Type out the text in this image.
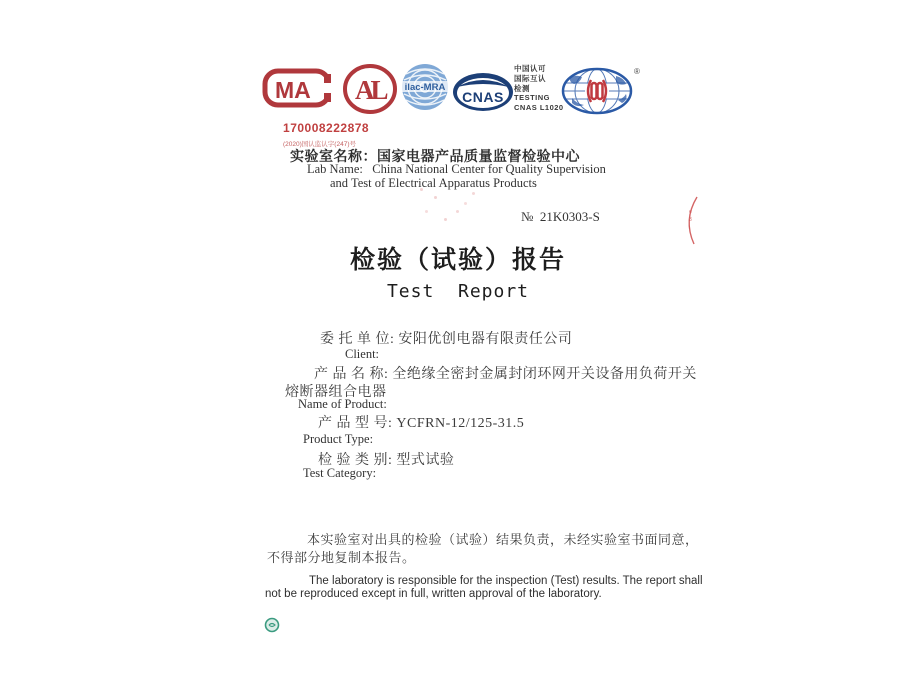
MA

170008222878
(2020)国认监认字(247)号

AL	ilac-MRA
CNAS
中国认可
国际互认
检测
TESTING
CNAS L1020
®
实验室名称：国家电器产品质量监督检验中心
Lab Name:   China National Center for Quality Supervision
and Test of Electrical Apparatus Products
№  21K0303-S	e
3
i
检验（试验）报告
Test  Report
委 托 单 位: 安阳优创电器有限责任公司
Client:
产 品 名 称: 全绝缘全密封金属封闭环网开关设备用负荷开关
熔断器组合电器
Name of Product:
产 品 型 号: YCFRN-12/125-31.5
Product Type:
检 验 类 别: 型式试验
Test Category:
本实验室对出具的检验（试验）结果负责，未经实验室书面同意，
不得部分地复制本报告。
The laboratory is responsible for the inspection (Test) results. The report shall
not be reproduced except in full, written approval of the laboratory.
